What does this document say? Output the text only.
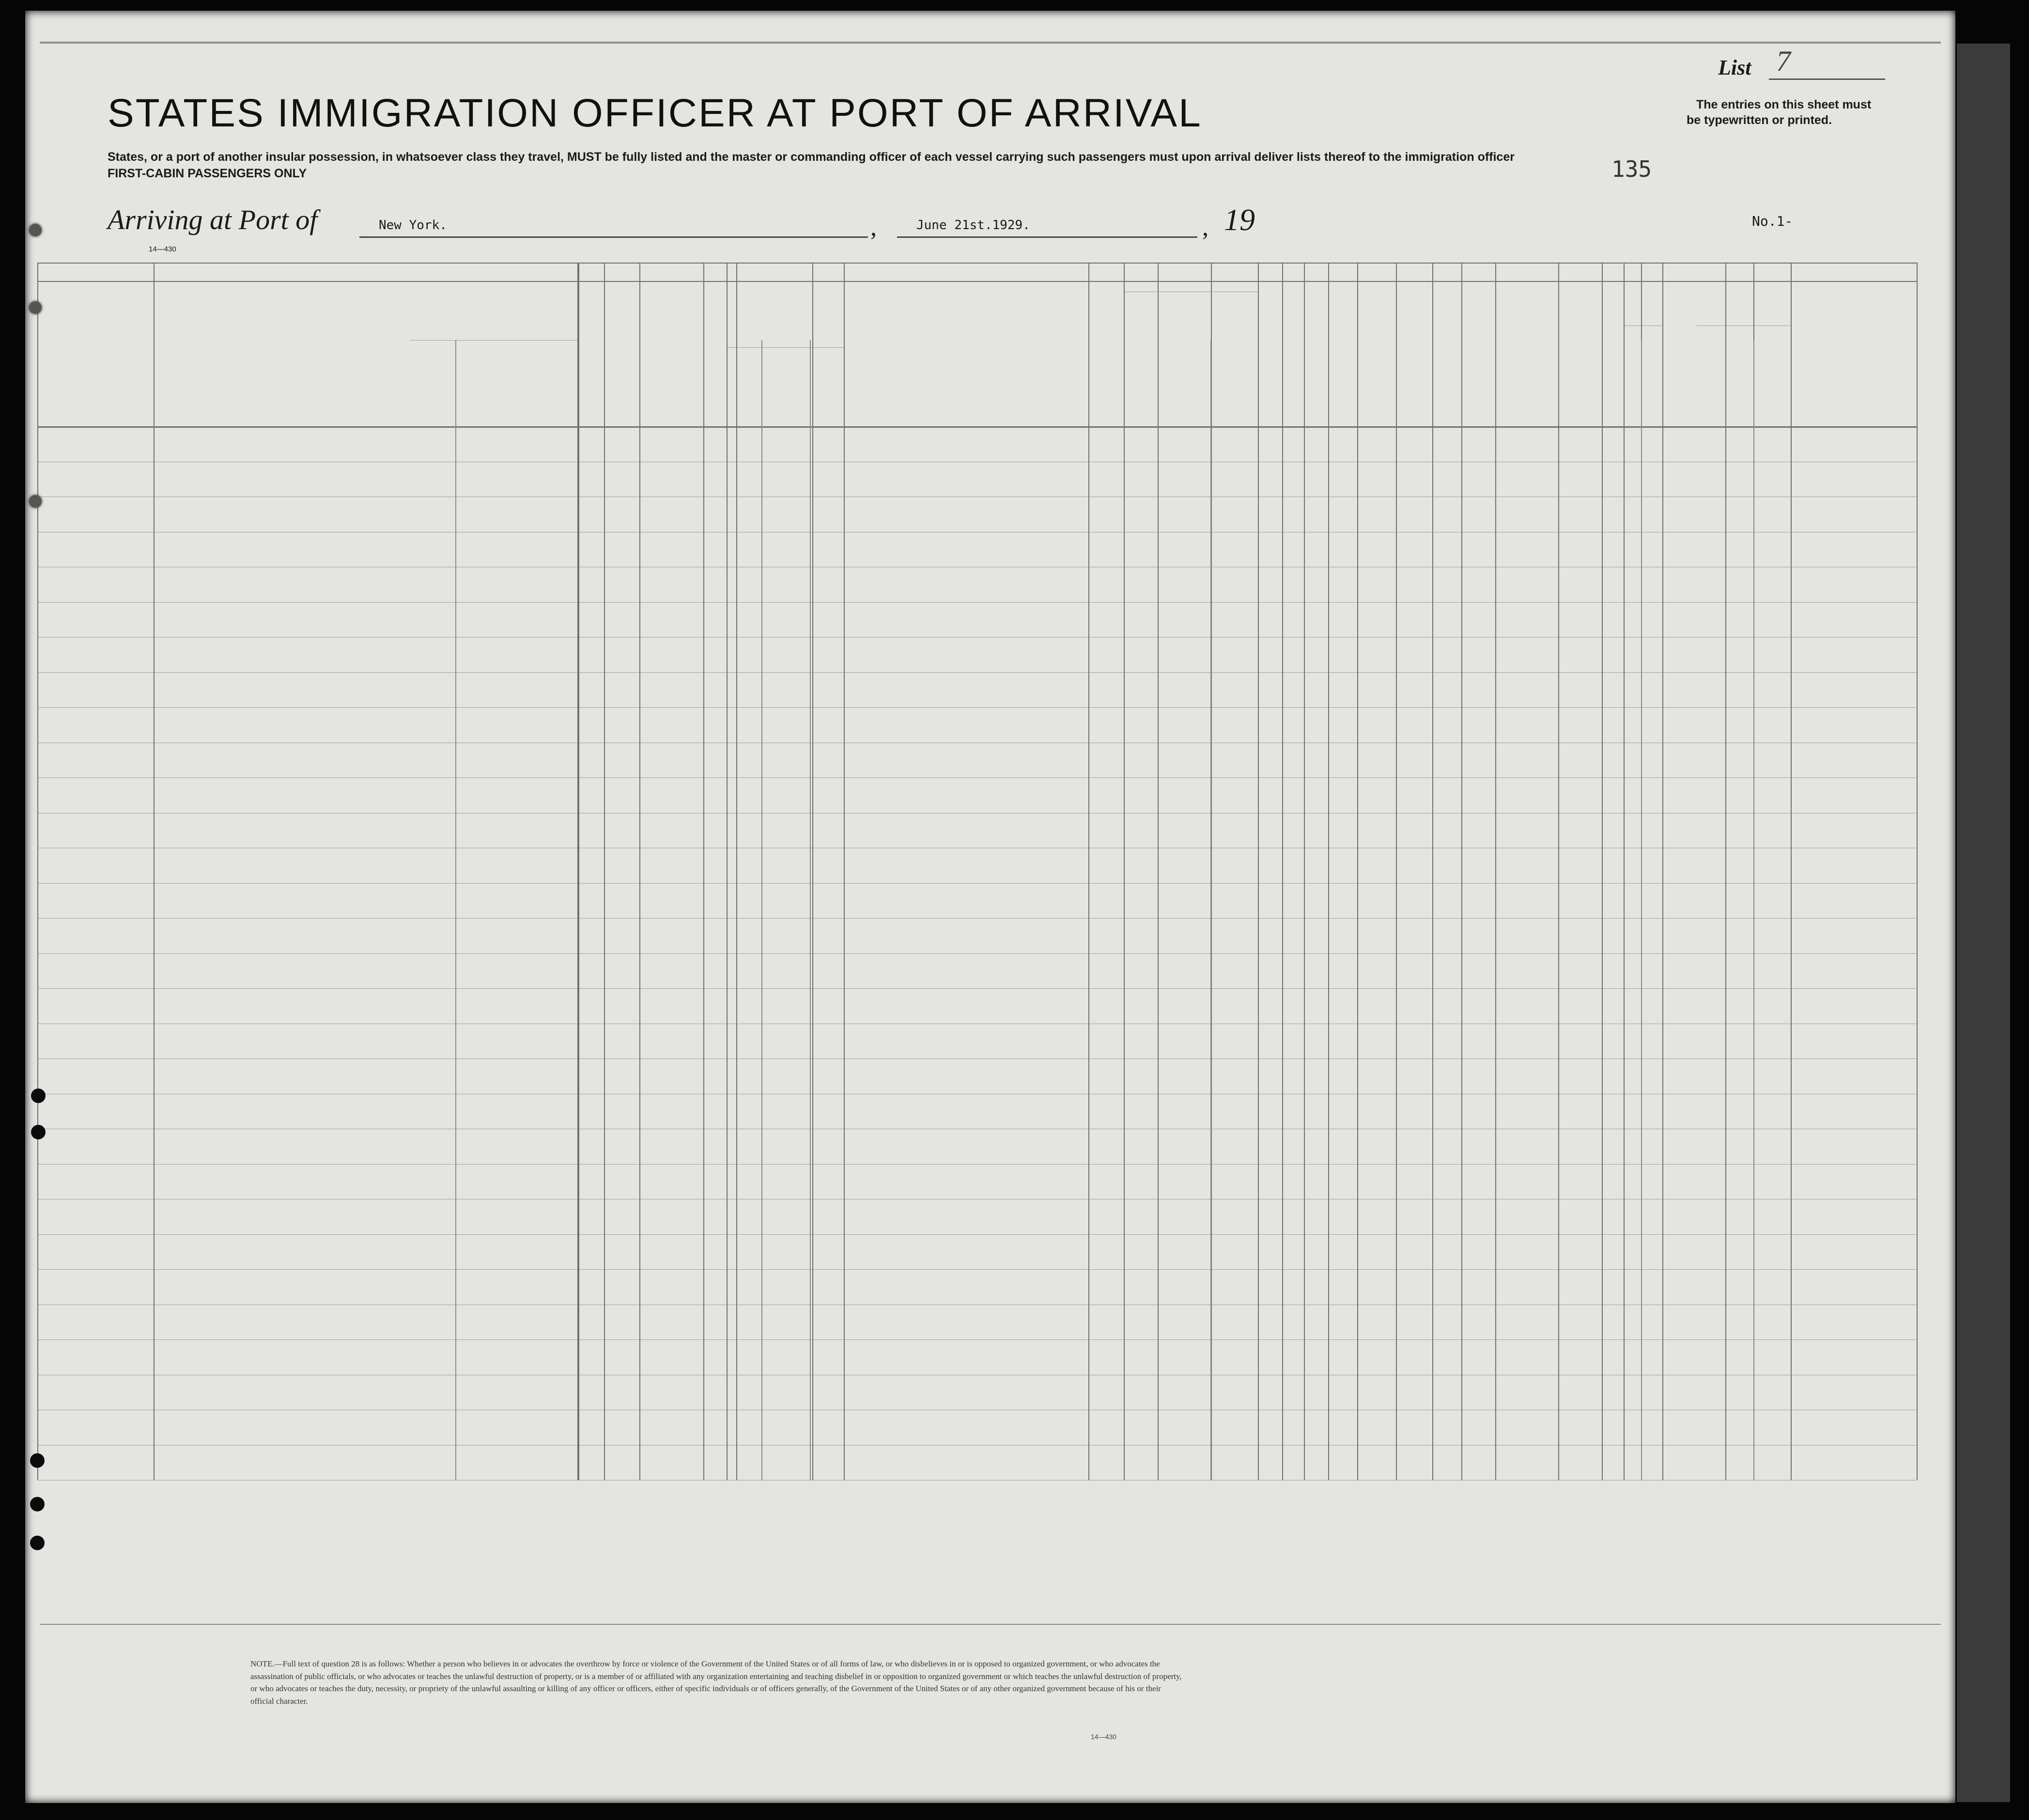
List 7
STATES IMMIGRATION OFFICER AT PORT OF ARRIVAL	The entries on this sheet must
be typewritten or printed.
States, or a port of another insular possession, in whatsoever class they travel, MUST be fully listed and the master or commanding officer of each vessel carrying such passengers must upon arrival deliver lists thereof to the immigration officer
FIRST-CABIN PASSENGERS ONLY	135
Arriving at Port of	New York.	,	June 21st.1929.	, 19	No.1-
14—430
NOTE.—Full text of question 28 is as follows: Whether a person who believes in or advocates the overthrow by force or violence of the Government of the United States or of all forms of law, or who disbelieves in or is opposed to organized government, or who advocates the assassination of public officials, or who advocates or teaches the unlawful destruction of property, or is a member of or affiliated with any organization entertaining and teaching disbelief in or opposition to organized government or which teaches the unlawful destruction of property, or who advocates or teaches the duty, necessity, or propriety of the unlawful assaulting or killing of any officer or officers, either of specific individuals or of officers generally, of the Government of the United States or of any other organized government because of his or their official character.
14—430
